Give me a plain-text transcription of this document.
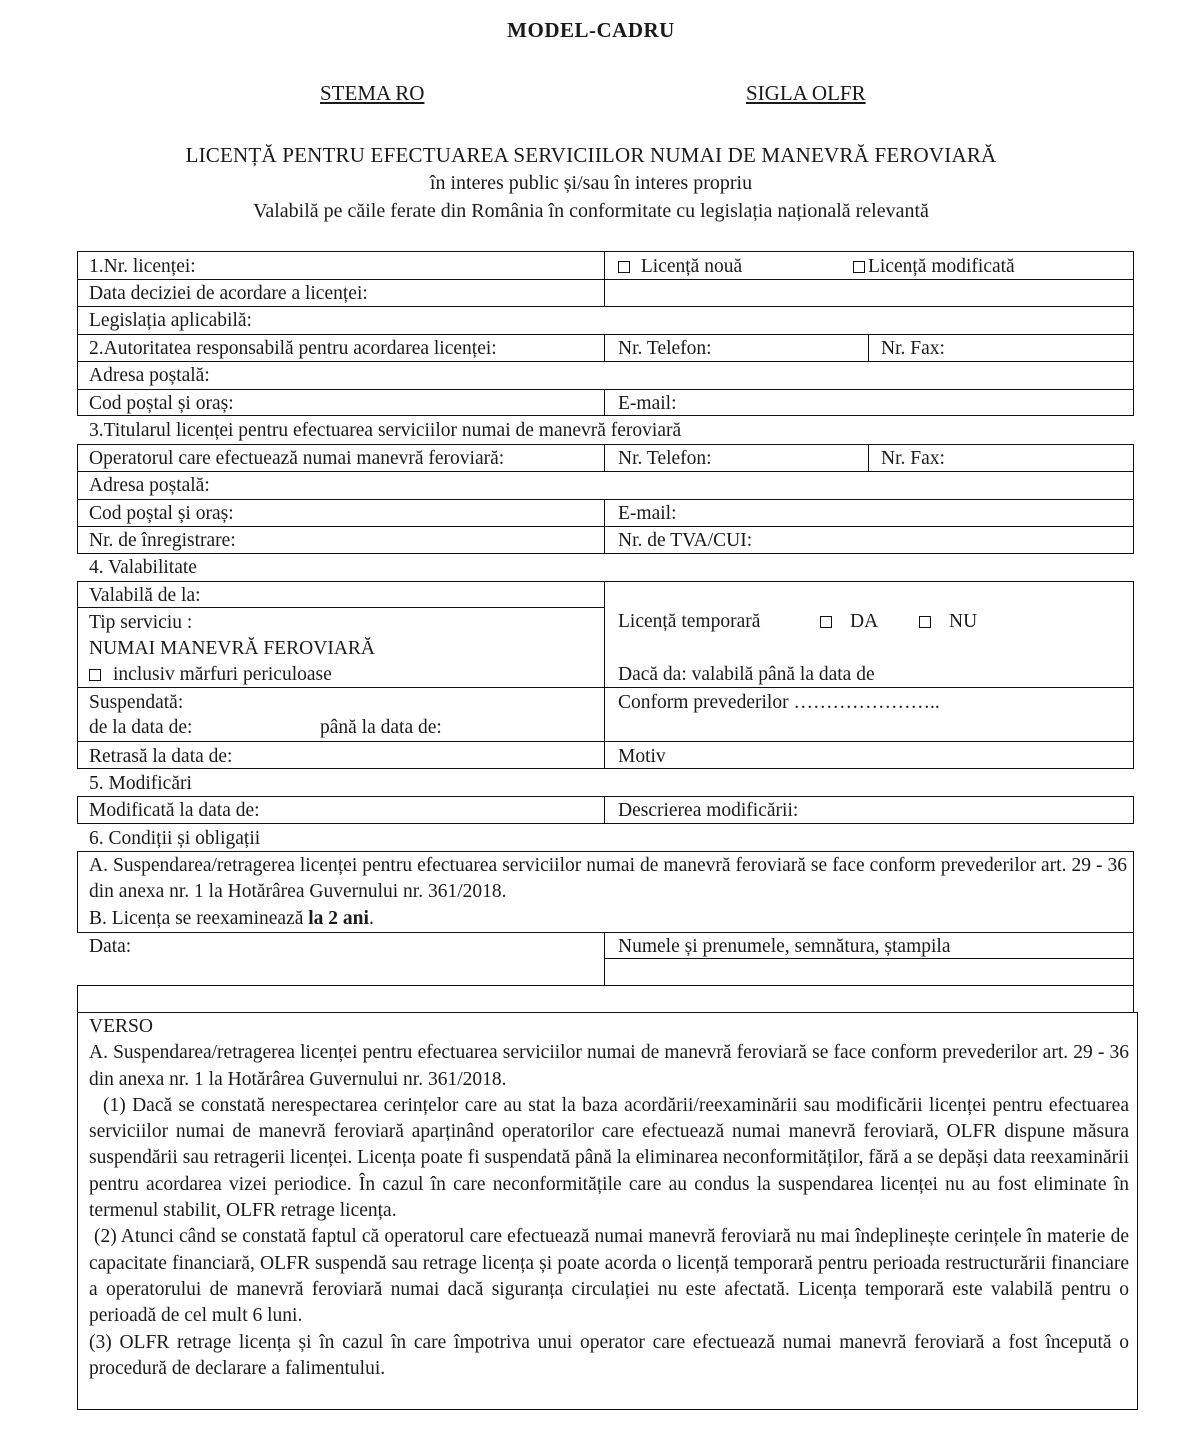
MODEL-CADRU
STEMA RO	SIGLA OLFR
LICENȚĂ PENTRU EFECTUAREA SERVICIILOR NUMAI DE MANEVRĂ FEROVIARĂ
în interes public și/sau în interes propriu
Valabilă pe căile ferate din România în conformitate cu legislația națională relevantă
1.Nr. licenței:	Licență nouă	Licență modificată
Data deciziei de acordare a licenței:
Legislația aplicabilă:
2.Autoritatea responsabilă pentru acordarea licenței:	Nr. Telefon:	Nr. Fax:
Adresa poștală:
Cod poștal și oraș:	E-mail:
3.Titularul licenței pentru efectuarea serviciilor numai de manevră feroviară
Operatorul care efectuează numai manevră feroviară:	Nr. Telefon:	Nr. Fax:
Adresa poștală:
Cod poștal și oraș:	E-mail:
Nr. de înregistrare:	Nr. de TVA/CUI:
4. Valabilitate
Valabilă de la:
Tip serviciu :
NUMAI MANEVRĂ FEROVIARĂ
inclusiv mărfuri periculoase
Licență temporară	DA	NU
Dacă da: valabilă până la data de
Suspendată:
de la data de:	până la data de:
Conform prevederilor …………………..
Retrasă la data de:	Motiv
5. Modificări
Modificată la data de:	Descrierea modificării:
6. Condiții și obligații

A. Suspendarea/retragerea licenței pentru efectuarea serviciilor numai de manevră feroviară se face conform prevederilor art. 29 - 36 din anexa nr. 1 la Hotărârea Guvernului nr. 361/2018.

B. Licența se reexaminează la 2 ani.

Data:	Numele și prenumele, semnătura, ștampila

VERSO

A. Suspendarea/retragerea licenței pentru efectuarea serviciilor numai de manevră feroviară se face conform prevederilor art. 29 - 36 din anexa nr. 1 la Hotărârea Guvernului nr. 361/2018.

(1) Dacă se constată nerespectarea cerințelor care au stat la baza acordării/reexaminării sau modificării licenței pentru efectuarea serviciilor numai de manevră feroviară aparținând operatorilor care efectuează numai manevră feroviară, OLFR dispune măsura suspendării sau retragerii licenței. Licența poate fi suspendată până la eliminarea neconformităților, fără a se depăși data reexaminării pentru acordarea vizei periodice. În cazul în care neconformitățile care au condus la suspendarea licenței nu au fost eliminate în termenul stabilit, OLFR retrage licența.

(2) Atunci când se constată faptul că operatorul care efectuează numai manevră feroviară nu mai îndeplinește cerințele în materie de capacitate financiară, OLFR suspendă sau retrage licența și poate acorda o licență temporară pentru perioada restructurării financiare a operatorului de manevră feroviară numai dacă siguranța circulației nu este afectată. Licența temporară este valabilă pentru o perioadă de cel mult 6 luni.

(3) OLFR retrage licența și în cazul în care împotriva unui operator care efectuează numai manevră feroviară a fost începută o procedură de declarare a falimentului.
